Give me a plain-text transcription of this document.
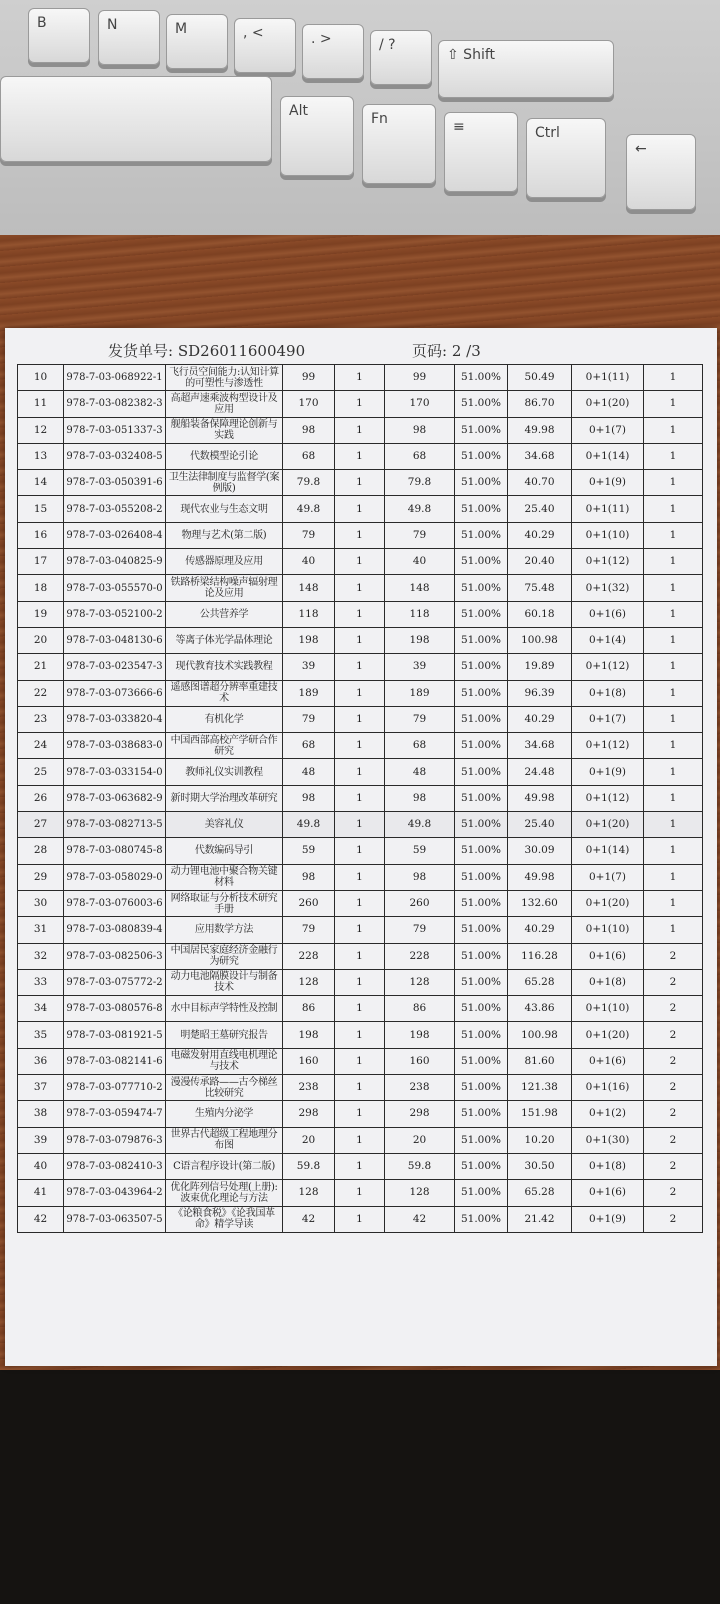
B	N	M	, <	. >	/ ?
⇧ Shift
Alt	Fn	≡	Ctrl
←
发货单号: SD26011600490	页码: 2 /3
10	978-7-03-068922-1	飞行员空间能力:认知计算的可塑性与渗透性	99	1	99	51.00%	50.49	0+1(11)	1
11	978-7-03-082382-3	高超声速乘波构型设计及应用	170	1	170	51.00%	86.70	0+1(20)	1
12	978-7-03-051337-3	舰船装备保障理论创新与实践	98	1	98	51.00%	49.98	0+1(7)	1
13	978-7-03-032408-5	代数模型论引论	68	1	68	51.00%	34.68	0+1(14)	1
14	978-7-03-050391-6	卫生法律制度与监督学(案例版)	79.8	1	79.8	51.00%	40.70	0+1(9)	1
15	978-7-03-055208-2	现代农业与生态文明	49.8	1	49.8	51.00%	25.40	0+1(11)	1
16	978-7-03-026408-4	物理与艺术(第二版)	79	1	79	51.00%	40.29	0+1(10)	1
17	978-7-03-040825-9	传感器原理及应用	40	1	40	51.00%	20.40	0+1(12)	1
18	978-7-03-055570-0	铁路桥梁结构噪声辐射理论及应用	148	1	148	51.00%	75.48	0+1(32)	1
19	978-7-03-052100-2	公共营养学	118	1	118	51.00%	60.18	0+1(6)	1
20	978-7-03-048130-6	等离子体光学晶体理论	198	1	198	51.00%	100.98	0+1(4)	1
21	978-7-03-023547-3	现代教育技术实践教程	39	1	39	51.00%	19.89	0+1(12)	1
22	978-7-03-073666-6	遥感图谱超分辨率重建技术	189	1	189	51.00%	96.39	0+1(8)	1
23	978-7-03-033820-4	有机化学	79	1	79	51.00%	40.29	0+1(7)	1
24	978-7-03-038683-0	中国西部高校产学研合作研究	68	1	68	51.00%	34.68	0+1(12)	1
25	978-7-03-033154-0	教师礼仪实训教程	48	1	48	51.00%	24.48	0+1(9)	1
26	978-7-03-063682-9	新时期大学治理改革研究	98	1	98	51.00%	49.98	0+1(12)	1
27	978-7-03-082713-5	美容礼仪	49.8	1	49.8	51.00%	25.40	0+1(20)	1
28	978-7-03-080745-8	代数编码导引	59	1	59	51.00%	30.09	0+1(14)	1
29	978-7-03-058029-0	动力锂电池中聚合物关键材料	98	1	98	51.00%	49.98	0+1(7)	1
30	978-7-03-076003-6	网络取证与分析技术研究手册	260	1	260	51.00%	132.60	0+1(20)	1
31	978-7-03-080839-4	应用数学方法	79	1	79	51.00%	40.29	0+1(10)	1
32	978-7-03-082506-3	中国居民家庭经济金融行为研究	228	1	228	51.00%	116.28	0+1(6)	2
33	978-7-03-075772-2	动力电池隔膜设计与制备技术	128	1	128	51.00%	65.28	0+1(8)	2
34	978-7-03-080576-8	水中目标声学特性及控制	86	1	86	51.00%	43.86	0+1(10)	2
35	978-7-03-081921-5	明楚昭王墓研究报告	198	1	198	51.00%	100.98	0+1(20)	2
36	978-7-03-082141-6	电磁发射用直线电机理论与技术	160	1	160	51.00%	81.60	0+1(6)	2
37	978-7-03-077710-2	漫漫传承路——古今梯丝比较研究	238	1	238	51.00%	121.38	0+1(16)	2
38	978-7-03-059474-7	生殖内分泌学	298	1	298	51.00%	151.98	0+1(2)	2
39	978-7-03-079876-3	世界古代超级工程地理分布图	20	1	20	51.00%	10.20	0+1(30)	2
40	978-7-03-082410-3	C语言程序设计(第二版)	59.8	1	59.8	51.00%	30.50	0+1(8)	2
41	978-7-03-043964-2	优化阵列信号处理(上册):波束优化理论与方法	128	1	128	51.00%	65.28	0+1(6)	2
42	978-7-03-063507-5	《论粮食税》《论我国革命》精学导读	42	1	42	51.00%	21.42	0+1(9)	2
